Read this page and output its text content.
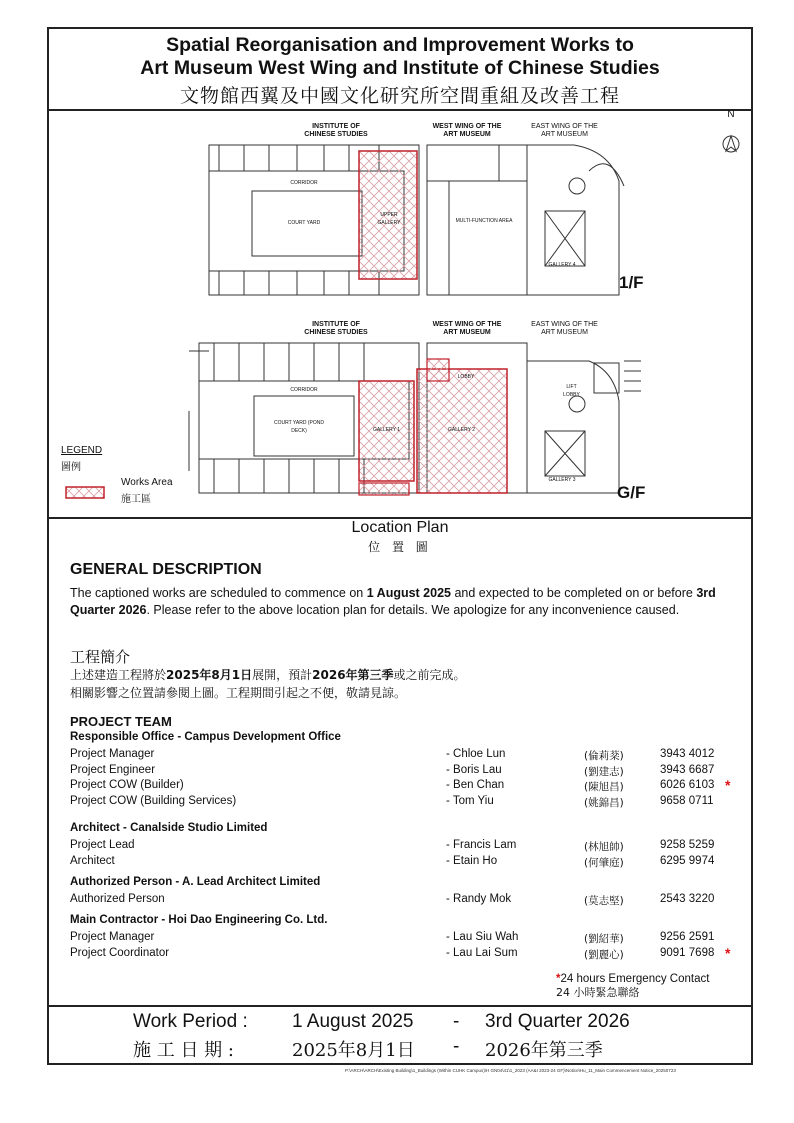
Spatial Reorganisation and Improvement Works to
Art Museum West Wing and Institute of Chinese Studies
文物館西翼及中國文化研究所空間重組及改善工程
INSTITUTE OF CHINESE STUDIES
WEST WING OF THE ART MUSEUM
EAST WING OF THE ART MUSEUM
CORRIDOR
COURT YARD
UPPER GALLERY	MULTI-FUNCTION AREA
GALLERY 4
1/F
INSTITUTE OF CHINESE STUDIES
WEST WING OF THE ART MUSEUM
EAST WING OF THE ART MUSEUM
CORRIDOR
COURT YARD (POND DECK)	GALLERY 1	GALLERY 2
GALLERY 3
LOBBY
LIFT LOBBY
G/F
N
LEGEND
圖例
Works Area
施工區
Location Plan
位 置 圖
GENERAL DESCRIPTION
The captioned works are scheduled to commence on 1 August 2025 and expected to be completed on or before 3rd Quarter 2026. Please refer to the above location plan for details. We apologize for any inconvenience caused.
工程簡介
上述建造工程將於2025年8月1日展開，預計2026年第三季或之前完成。
相關影響之位置請參閱上圖。工程期間引起之不便，敬請見諒。
PROJECT TEAM
Responsible Office - Campus Development Office
Project Manager	- Chloe Lun	(倫莉棻)	3943 4012
Project Engineer	- Boris Lau	(劉建志)	3943 6687
Project COW (Builder)	- Ben Chan	(陳旭昌)	6026 6103 *
Project COW (Building Services)	- Tom Yiu	(姚錦昌)	9658 0711
Architect - Canalside Studio Limited
Project Lead	- Francis Lam	(林旭帥)	9258 5259
Architect	- Etain Ho	(何肇庭)	6295 9974
Authorized Person - A. Lead Architect Limited
Authorized Person	- Randy Mok	(莫志堅)	2543 3220
Main Contractor - Hoi Dao Engineering Co. Ltd.
Project Manager	- Lau Siu Wah	(劉紹華)	9256 2591
Project Coordinator	- Lau Lai Sum	(劉麗心)	9091 7698 *
*24 hours Emergency Contact
24 小時緊急聯絡
Work Period : 1 August 2025 - 3rd Quarter 2026
施 工 日 期 :	2025年8月1日 - 2026年第三季
P:\ARCH\ARCH\Existing Building\1_Buildings (Within CUHK Campus)\H GN04\41\1_2023 (AA&I 2023-24 GF)\Notice\Hu_11_Main Commencement Notice_20250723
